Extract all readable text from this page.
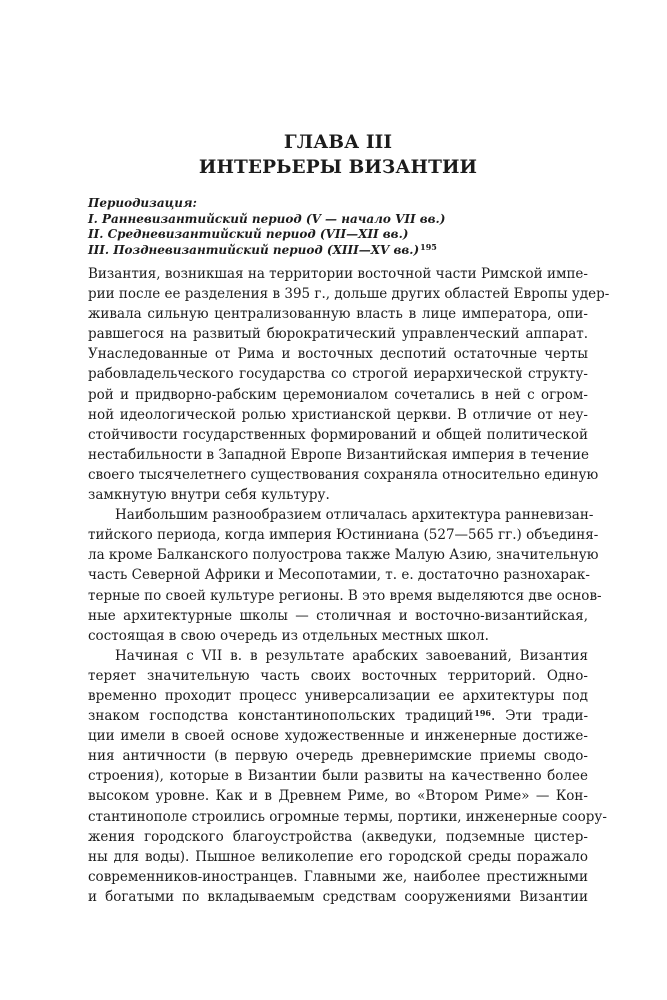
ГЛАВА III
ИНТЕРЬЕРЫ ВИЗАНТИИ
Периодизация:
I. Ранневизантийский период (V — начало VII вв.)
II. Средневизантийский период (VII—XII вв.)
III. Поздневизантийский период (XIII—XV вв.)$^{195}$
Византия, возникшая на территории восточной части Римской импе-
рии после ее разделения в 395 г., дольше других областей Европы удер-
живала сильную централизованную власть в лице императора, опи-
равшегося на развитый бюрократический управленческий аппарат.
Унаследованные от Рима и восточных деспотий остаточные черты
рабовладельческого государства со строгой иерархической структу-
рой и придворно-рабским церемониалом сочетались в ней с огром-
ной идеологической ролью христианской церкви. В отличие от неу-
стойчивости государственных формирований и общей политической
нестабильности в Западной Европе Византийская империя в течение
своего тысячелетнего существования сохраняла относительно единую
замкнутую внутри себя культуру.
Наибольшим разнообразием отличалась архитектура ранневизан-
тийского периода, когда империя Юстиниана (527—565 гг.) объединя-
ла кроме Балканского полуострова также Малую Азию, значительную
часть Северной Африки и Месопотамии, т. е. достаточно разнохарак-
терные по своей культуре регионы. В это время выделяются две основ-
ные архитектурные школы — столичная и восточно-византийская,
состоящая в свою очередь из отдельных местных школ.
Начиная с VII в. в результате арабских завоеваний, Византия
теряет значительную часть своих восточных территорий. Одно-
временно проходит процесс универсализации ее архитектуры под
знаком господства константинопольских традиций$^{196}$. Эти тради-
ции имели в своей основе художественные и инженерные достиже-
ния античности (в первую очередь древнеримские приемы сводо-
строения), которые в Византии были развиты на качественно более
высоком уровне. Как и в Древнем Риме, во «Втором Риме» — Кон-
стантинополе строились огромные термы, портики, инженерные соору-
жения городского благоустройства (акведуки, подземные цистер-
ны для воды). Пышное великолепие его городской среды поражало
современников-иностранцев. Главными же, наиболее престижными
и богатыми по вкладываемым средствам сооружениями Византии
